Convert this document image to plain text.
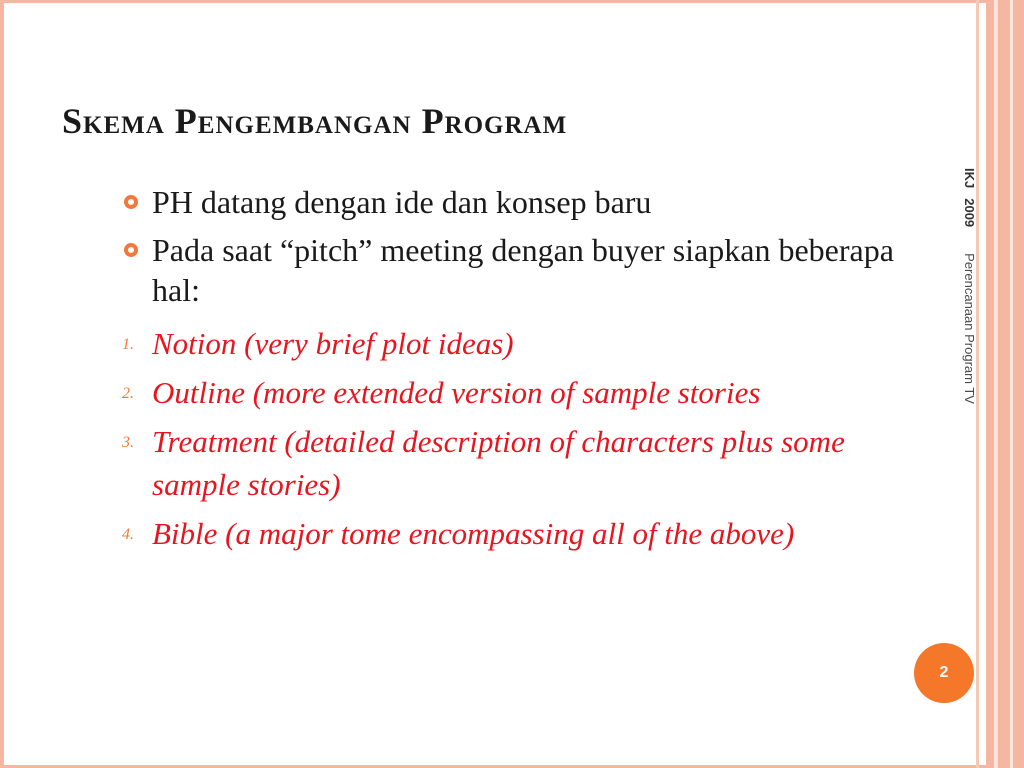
Skema Pengembangan Program
PH datang dengan ide dan konsep baru
Pada saat “pitch” meeting dengan buyer siapkan beberapa hal:
1. Notion (very brief plot ideas)
2. Outline (more extended version of sample stories
3. Treatment (detailed description of characters plus some sample stories)
4. Bible (a major tome encompassing all of the above)
IKJ2009Perencanaan Program TV
2
